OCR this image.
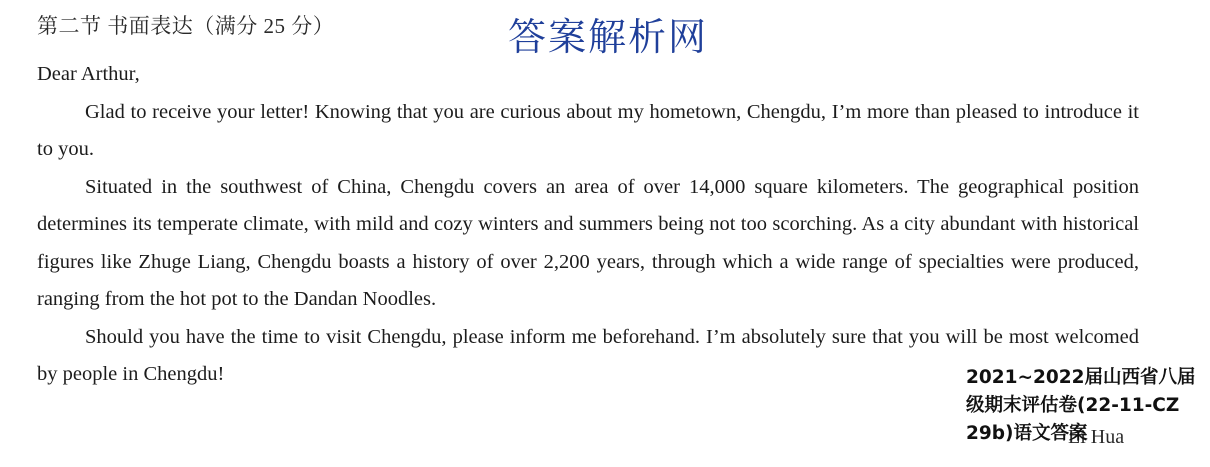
第二节 书面表达（满分 25 分）	答案解析网

Dear Arthur,

Glad to receive your letter! Knowing that you are curious about my hometown, Chengdu, I’m more than pleased to introduce it to you.

Situated in the southwest of China, Chengdu covers an area of over 14,000 square kilometers. The geographical position determines its temperate climate, with mild and cozy winters and summers being not too scorching. As a city abundant with historical figures like Zhuge Liang, Chengdu boasts a history of over 2,200 years, through which a wide range of specialties were produced, ranging from the hot pot to the Dandan Noodles.

Should you have the time to visit Chengdu, please inform me beforehand. I’m absolutely sure that you will be most welcomed by people in Chengdu!

Li Hua
2021~2022届山西省八届级期末评估卷(22-11-CZ 29b)语文答案
